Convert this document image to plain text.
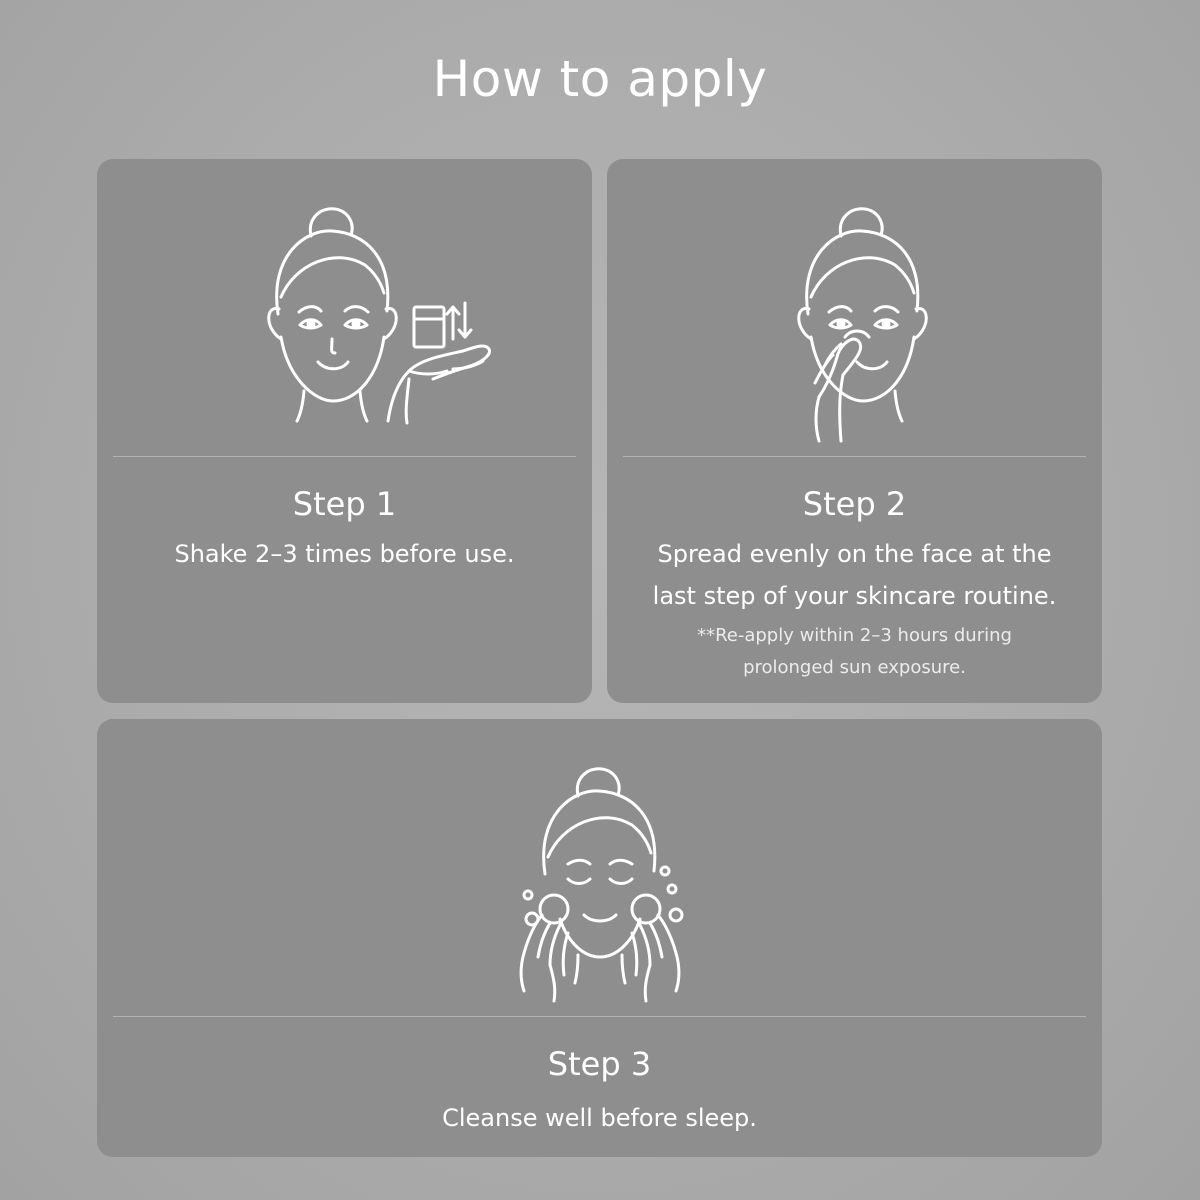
How to apply

Step 1

Shake 2–3 times before use.

Step 2

Spread evenly on the face at the
last step of your skincare routine.

**Re-apply within 2–3 hours during
prolonged sun exposure.

Step 3

Cleanse well before sleep.
